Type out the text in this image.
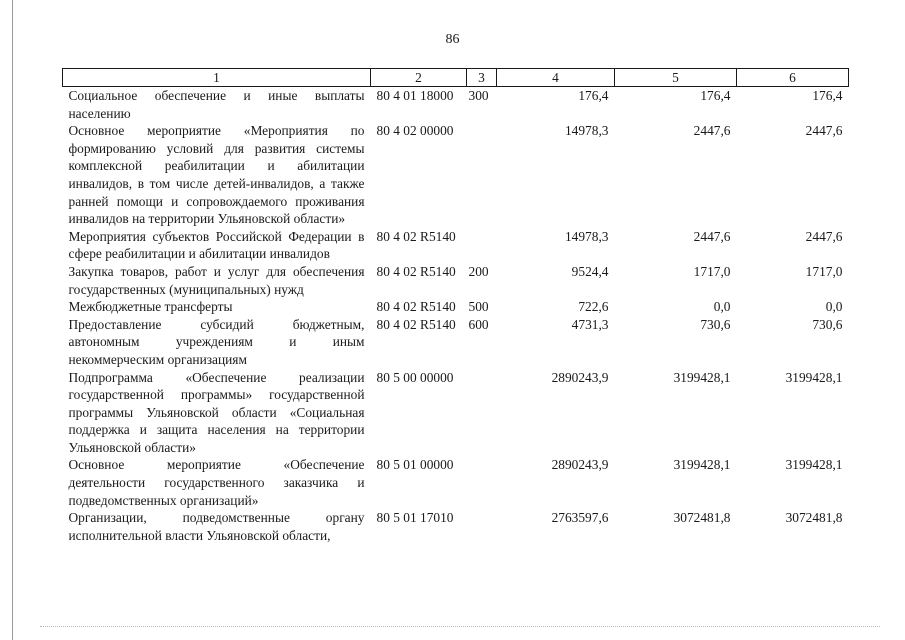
86
1	2	3	4	5	6
Социальное обеспечение и иные выплаты населению	80 4 01 18000	300	176,4	176,4	176,4
Основное мероприятие «Мероприятия по формированию условий для развития системы комплексной реабилитации и абилитации инвалидов, в том числе детей-инвалидов, а также ранней помощи и сопровождаемого проживания инвалидов на территории Ульяновской области»	80 4 02 00000		14978,3	2447,6	2447,6
Мероприятия субъектов Российской Федерации в сфере реабилитации и абилитации инвалидов	80 4 02 R5140		14978,3	2447,6	2447,6
Закупка товаров, работ и услуг для обеспечения государственных (муниципальных) нужд	80 4 02 R5140	200	9524,4	1717,0	1717,0
Межбюджетные трансферты	80 4 02 R5140	500	722,6	0,0	0,0
Предоставление субсидий бюджетным, автономным учреждениям и иным некоммерческим организациям	80 4 02 R5140	600	4731,3	730,6	730,6
Подпрограмма «Обеспечение реализации государственной программы» государственной программы Ульяновской области «Социальная поддержка и защита населения на территории Ульяновской области»	80 5 00 00000		2890243,9	3199428,1	3199428,1
Основное мероприятие «Обеспечение деятельности государственного заказчика и подведомственных организаций»	80 5 01 00000		2890243,9	3199428,1	3199428,1
Организации, подведомственные органу исполнительной власти Ульяновской области,	80 5 01 17010		2763597,6	3072481,8	3072481,8
